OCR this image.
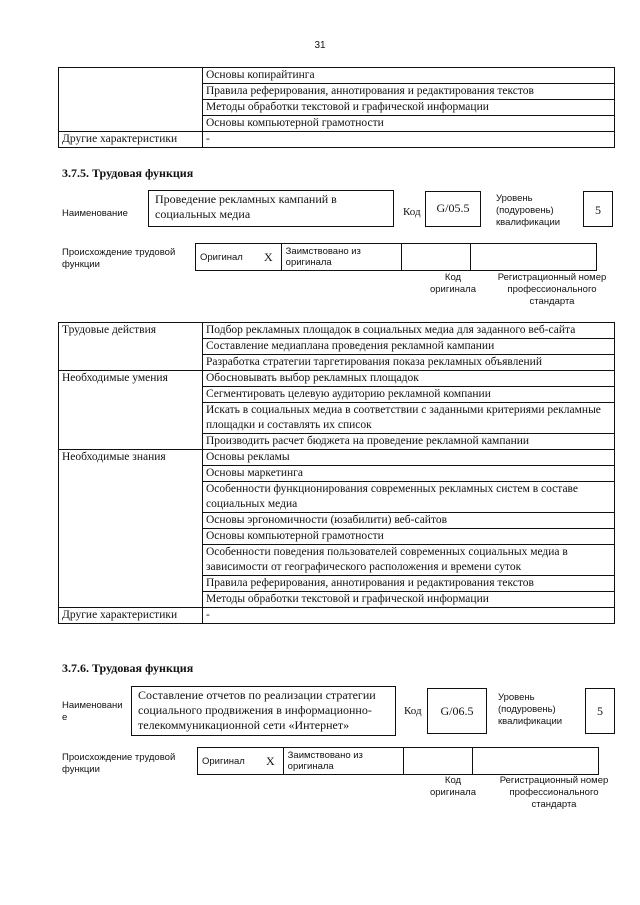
31
	Основы копирайтинга
	Правила реферирования, аннотирования и редактирования текстов
	Методы обработки текстовой и графической информации
	Основы компьютерной грамотности
Другие характеристики	-
3.7.5. Трудовая функция
Наименование
Проведение рекламных кампаний в социальных медиа	Код	G/05.5
Уровень (подуровень) квалификации
5
Происхождение трудовой функции
Оригинал	X	Заимствовано из оригинала		
Код оригинала
Регистрационный номер профессионального стандарта
Трудовые действия	Подбор рекламных площадок в социальных медиа для заданного веб-сайта
	Составление медиаплана проведения рекламной кампании
	Разработка стратегии таргетирования показа рекламных объявлений
Необходимые умения	Обосновывать выбор рекламных площадок
	Сегментировать целевую аудиторию рекламной компании
	Искать в социальных медиа в соответствии с заданными критериями рекламные площадки и составлять их список
	Производить расчет бюджета на проведение рекламной кампании
Необходимые знания	Основы рекламы
	Основы маркетинга
	Особенности функционирования современных рекламных систем в составе социальных медиа
	Основы эргономичности (юзабилити) веб-сайтов
	Основы компьютерной грамотности
	Особенности поведения пользователей современных социальных медиа в зависимости от географического расположения и времени суток
	Правила реферирования, аннотирования и редактирования текстов
	Методы обработки текстовой и графической информации
Другие характеристики	-
3.7.6. Трудовая функция
Наименовани е
Составление отчетов по реализации стратегии социального продвижения в информационно-телекоммуникационной сети «Интернет»
Код	G/06.5
Уровень (подуровень) квалификации
5
Происхождение трудовой функции
Оригинал	X	Заимствовано из оригинала		
Код оригинала
Регистрационный номер профессионального стандарта
